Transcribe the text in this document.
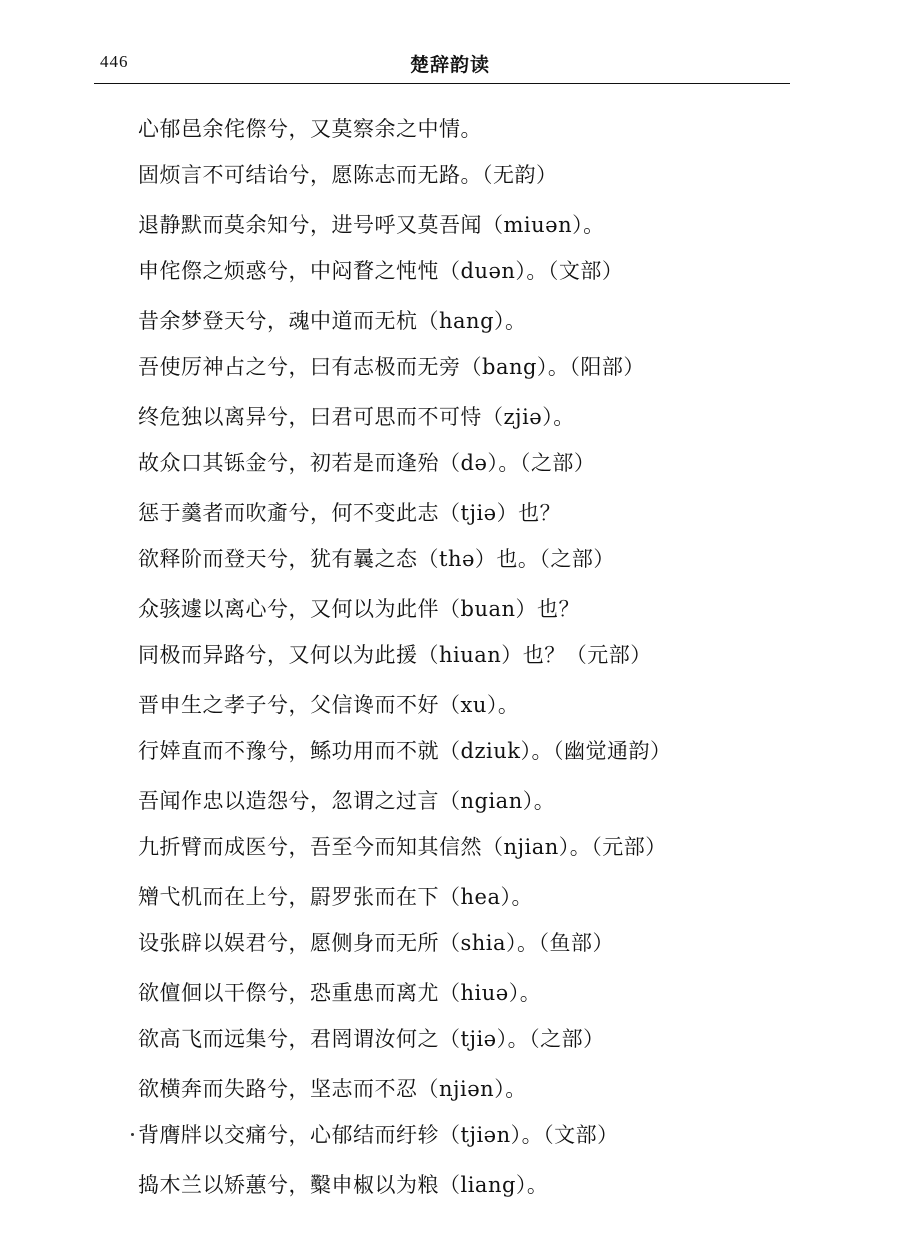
446	楚辞韵读
心郁邑余侘傺兮，又莫察余之中情。
固烦言不可结诒兮，愿陈志而无路。（无韵）
退静默而莫余知兮，进号呼又莫吾闻（miuən）。
申侘傺之烦惑兮，中闷瞀之忳忳（duən）。（文部）
昔余梦登天兮，魂中道而无杭（hang）。
吾使厉神占之兮，曰有志极而无旁（bang）。（阳部）
终危独以离异兮，曰君可思而不可恃（zjiə）。
故众口其铄金兮，初若是而逢殆（də）。（之部）
惩于羹者而吹齑兮，何不变此志（tjiə）也？
欲释阶而登天兮，犹有曩之态（thə）也。（之部）
众骇遽以离心兮，又何以为此伴（buan）也？
同极而异路兮，又何以为此援（hiuan）也？（元部）
晋申生之孝子兮，父信谗而不好（xu）。
行婞直而不豫兮，鲧功用而不就（dziuk）。（幽觉通韵）
吾闻作忠以造怨兮，忽谓之过言（ngian）。
九折臂而成医兮，吾至今而知其信然（njian）。（元部）
矰弋机而在上兮，罻罗张而在下（hea）。
设张辟以娱君兮，愿侧身而无所（shia）。（鱼部）
欲儃佪以干傺兮，恐重患而离尤（hiuə）。
欲高飞而远集兮，君罔谓汝何之（tjiə）。（之部）
欲横奔而失路兮，坚志而不忍（njiən）。
背膺牉以交痛兮，心郁结而纡轸（tjiən）。（文部）
捣木兰以矫蕙兮，糳申椒以为粮（liang）。
